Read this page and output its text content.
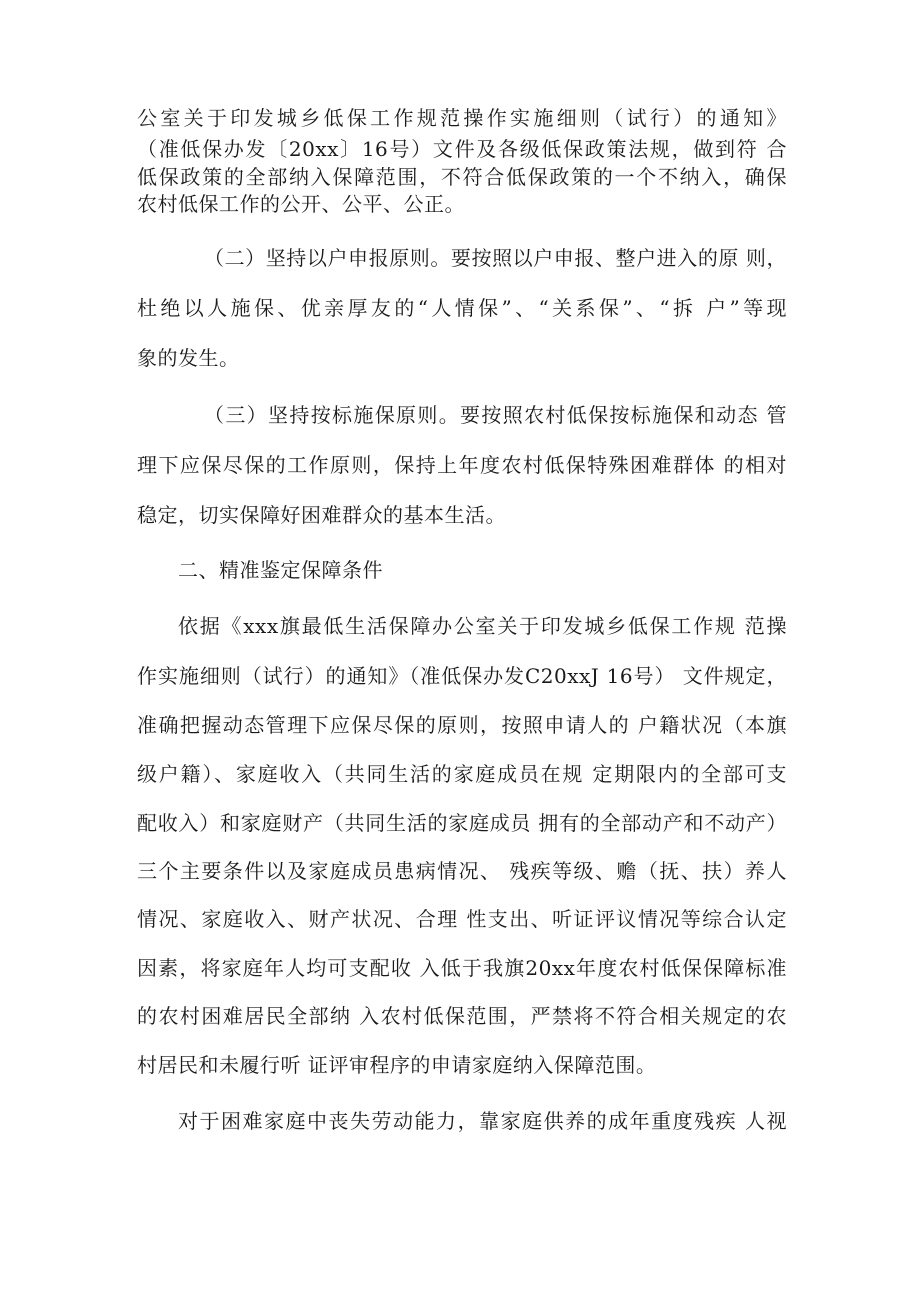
公室关于印发城乡低保工作规范操作实施细则（试行）的通知》
（准低保办发〔20xx〕16号）文件及各级低保政策法规，做到符 合
低保政策的全部纳入保障范围，不符合低保政策的一个不纳入，确保
农村低保工作的公开、公平、公正。
（二）坚持以户申报原则。要按照以户申报、整户进入的原 则，
杜绝以人施保、优亲厚友的“人情保”、“关系保”、“拆 户”等现
象的发生。
（三）坚持按标施保原则。要按照农村低保按标施保和动态 管
理下应保尽保的工作原则，保持上年度农村低保特殊困难群体 的相对
稳定，切实保障好困难群众的基本生活。
二、精准鉴定保障条件
依据《xxx旗最低生活保障办公室关于印发城乡低保工作规 范操
作实施细则（试行）的通知》（准低保办发C20xxJ 16号） 文件规定，
准确把握动态管理下应保尽保的原则，按照申请人的 户籍状况（本旗
级户籍）、家庭收入（共同生活的家庭成员在规 定期限内的全部可支
配收入）和家庭财产（共同生活的家庭成员 拥有的全部动产和不动产）
三个主要条件以及家庭成员患病情况、 残疾等级、赡（抚、扶）养人
情况、家庭收入、财产状况、合理 性支出、听证评议情况等综合认定
因素，将家庭年人均可支配收 入低于我旗20xx年度农村低保保障标准
的农村困难居民全部纳 入农村低保范围，严禁将不符合相关规定的农
村居民和未履行听 证评审程序的申请家庭纳入保障范围。
对于困难家庭中丧失劳动能力，靠家庭供养的成年重度残疾 人视
